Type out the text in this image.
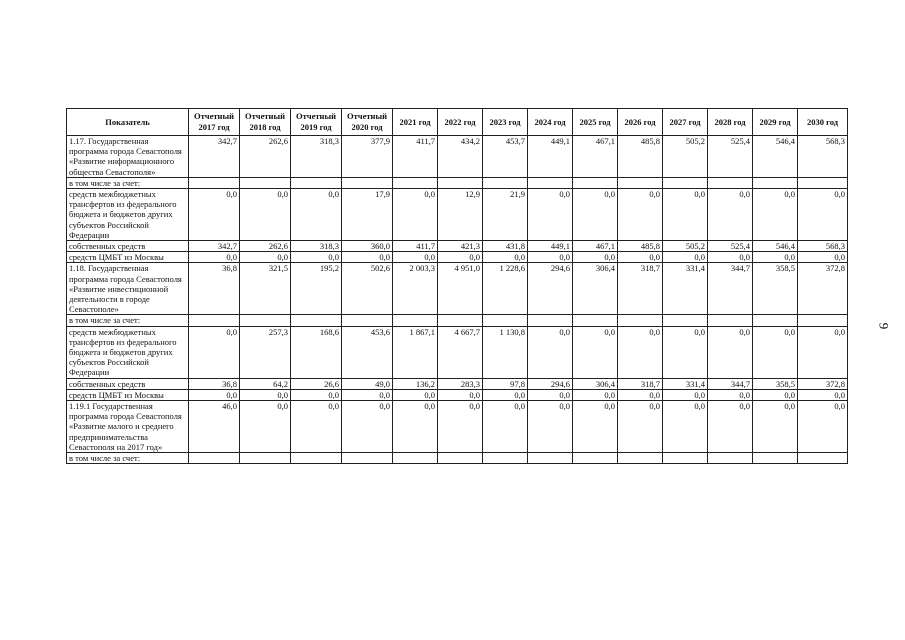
9
Показатель	Отчетный 2017 год	Отчетный 2018 год	Отчетный 2019 год	Отчетный 2020 год	2021 год	2022 год	2023 год	2024 год	2025 год	2026 год	2027 год	2028 год	2029 год	2030 год
1.17. Государственная программа города Севастополя «Развитие информационного общества Севастополя»	342,7	262,6	318,3	377,9	411,7	434,2	453,7	449,1	467,1	485,8	505,2	525,4	546,4	568,3
в том числе за счет:														
средств межбюджетных трансфертов из федерального бюджета и бюджетов других субъектов Российской Федерации	0,0	0,0	0,0	17,9	0,0	12,9	21,9	0,0	0,0	0,0	0,0	0,0	0,0	0,0
собственных средств	342,7	262,6	318,3	360,0	411,7	421,3	431,8	449,1	467,1	485,8	505,2	525,4	546,4	568,3
средств ЦМБТ из Москвы	0,0	0,0	0,0	0,0	0,0	0,0	0,0	0,0	0,0	0,0	0,0	0,0	0,0	0,0
1.18. Государственная программа города Севастополя «Развитие инвестиционной деятельности в городе Севастополе»	36,8	321,5	195,2	502,6	2 003,3	4 951,0	1 228,6	294,6	306,4	318,7	331,4	344,7	358,5	372,8
в том числе за счет:														
средств межбюджетных трансфертов из федерального бюджета и бюджетов других субъектов Российской Федерации	0,0	257,3	168,6	453,6	1 867,1	4 667,7	1 130,8	0,0	0,0	0,0	0,0	0,0	0,0	0,0
собственных средств	36,8	64,2	26,6	49,0	136,2	283,3	97,8	294,6	306,4	318,7	331,4	344,7	358,5	372,8
средств ЦМБТ из Москвы	0,0	0,0	0,0	0,0	0,0	0,0	0,0	0,0	0,0	0,0	0,0	0,0	0,0	0,0
1.19.1 Государственная программа города Севастополя «Развитие малого и среднего предпринимательства Севастополя на 2017 год»	46,0	0,0	0,0	0,0	0,0	0,0	0,0	0,0	0,0	0,0	0,0	0,0	0,0	0,0
в том числе за счет:														
